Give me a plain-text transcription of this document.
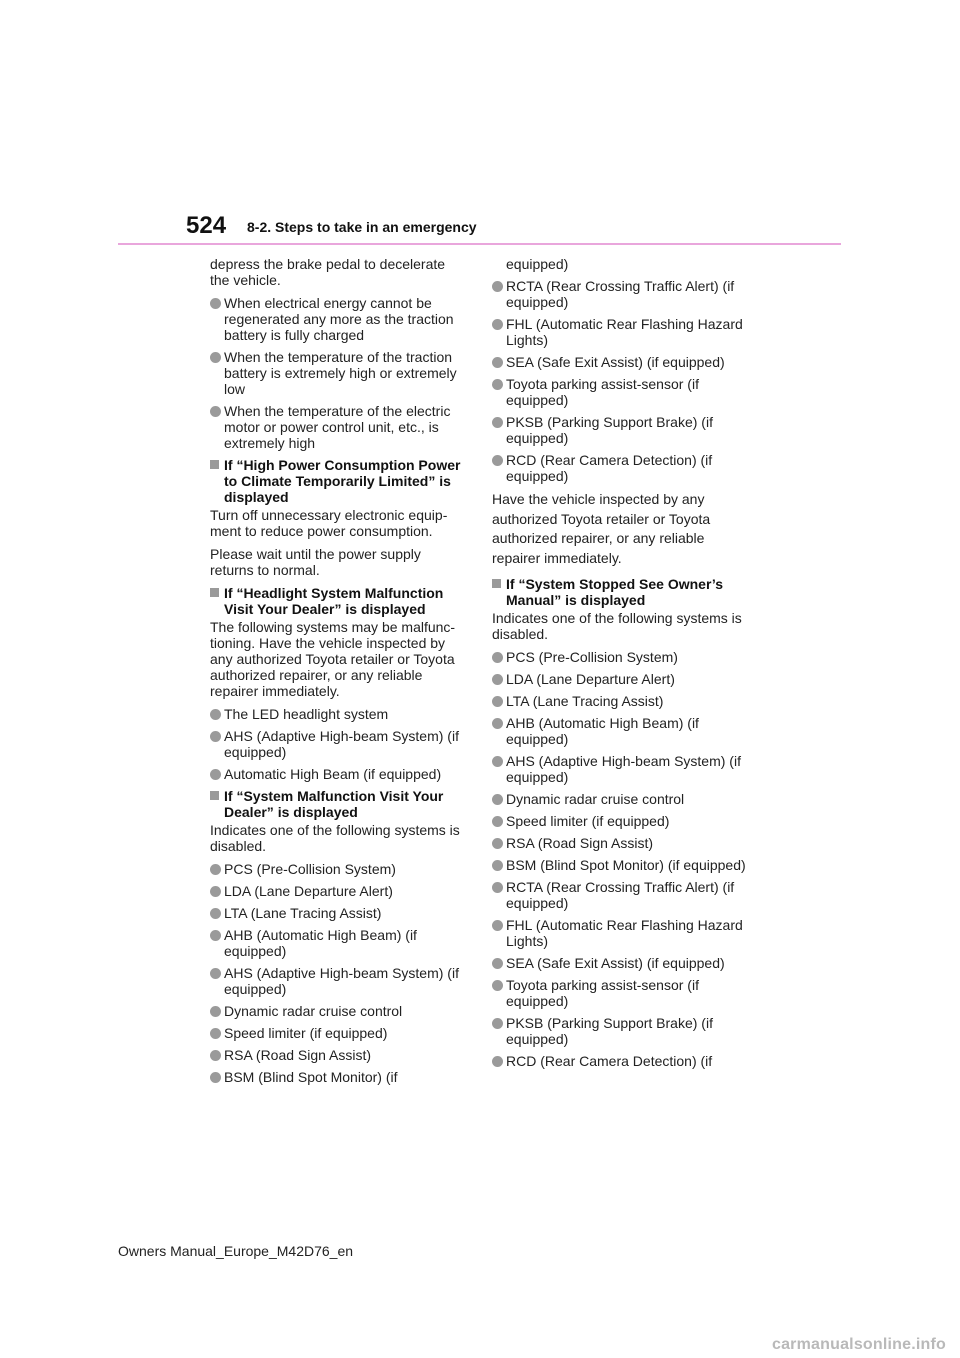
524 8-2. Steps to take in an emergency

depress the brake pedal to decelerate the vehicle.

When electrical energy cannot be regenerated any more as the traction battery is fully charged
When the temperature of the traction battery is extremely high or extremely low
When the temperature of the electric motor or power control unit, etc., is extremely high
If “High Power Consumption Power to Climate Temporarily Limited” is displayed

Turn off unnecessary electronic equip-ment to reduce power consumption.

Please wait until the power supply returns to normal.

If “Headlight System Malfunction Visit Your Dealer” is displayed

The following systems may be malfunc-tioning. Have the vehicle inspected by any authorized Toyota retailer or Toyota authorized repairer, or any reliable repairer immediately.

The LED headlight system
AHS (Adaptive High-beam System) (if equipped)
Automatic High Beam (if equipped)
If “System Malfunction Visit Your Dealer” is displayed

Indicates one of the following systems is disabled.

PCS (Pre-Collision System)
LDA (Lane Departure Alert)
LTA (Lane Tracing Assist)
AHB (Automatic High Beam) (if equipped)
AHS (Adaptive High-beam System) (if equipped)
Dynamic radar cruise control
Speed limiter (if equipped)
RSA (Road Sign Assist)
BSM (Blind Spot Monitor) (if

equipped)

RCTA (Rear Crossing Traffic Alert) (if equipped)
FHL (Automatic Rear Flashing Hazard Lights)
SEA (Safe Exit Assist) (if equipped)
Toyota parking assist-sensor (if equipped)
PKSB (Parking Support Brake) (if equipped)
RCD (Rear Camera Detection) (if equipped)

Have the vehicle inspected by any authorized Toyota retailer or Toyota authorized repairer, or any reliable repairer immediately.

If “System Stopped See Owner’s Manual” is displayed

Indicates one of the following systems is disabled.

PCS (Pre-Collision System)
LDA (Lane Departure Alert)
LTA (Lane Tracing Assist)
AHB (Automatic High Beam) (if equipped)
AHS (Adaptive High-beam System) (if equipped)
Dynamic radar cruise control
Speed limiter (if equipped)
RSA (Road Sign Assist)
BSM (Blind Spot Monitor) (if equipped)
RCTA (Rear Crossing Traffic Alert) (if equipped)
FHL (Automatic Rear Flashing Hazard Lights)
SEA (Safe Exit Assist) (if equipped)
Toyota parking assist-sensor (if equipped)
PKSB (Parking Support Brake) (if equipped)
RCD (Rear Camera Detection) (if
Owners Manual_Europe_M42D76_en
carmanualsonline.info
